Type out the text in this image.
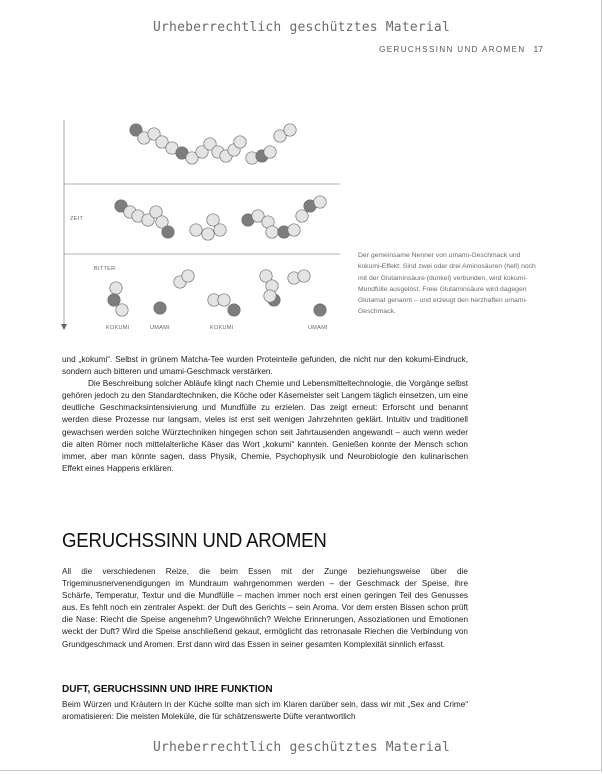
Urheberrechtlich geschütztes Material
GERUCHSSINN UND AROMEN 17
ZEIT
BITTER
KOKUMI	UMAMI	KOKUMI	UMAMI
Der gemeinsame Nenner von umami-Geschmack und kokumi-Effekt: Sind zwei oder drei Aminosäuren (hell) noch mit der Glutaminsäure (dunkel) verbunden, wird kokumi-Mundfülle ausgelöst. Freie Glutaminsäure wird dagegen Glutamat genannt – und erzeugt den herzhaften umami-Geschmack.

und „kokumi“. Selbst in grünem Matcha-Tee wurden Proteinteile gefunden, die nicht nur den kokumi-Eindruck, sondern auch bitteren und umami-Geschmack verstärken.

Die Beschreibung solcher Abläufe klingt nach Chemie und Lebensmitteltechnologie, die Vorgänge selbst gehören jedoch zu den Standardtechniken, die Köche oder Käsemeister seit Langem täglich einsetzen, um eine deutliche Geschmacksintensivierung und Mundfülle zu erzielen. Das zeigt erneut: Erforscht und benannt werden diese Prozesse nur langsam, vieles ist erst seit wenigen Jahrzehnten geklärt. Intuitiv und traditionell gewachsen werden solche Würztechniken hingegen schon seit Jahrtausenden angewandt – auch wenn weder die alten Römer noch mittelalterliche Käser das Wort „kokumi“ kannten. Genießen konnte der Mensch schon immer, aber man könnte sagen, dass Physik, Chemie, Psychophysik und Neurobiologie den kulinarischen Effekt eines Happens erklären.

GERUCHSSINN UND AROMEN

All die verschiedenen Reize, die beim Essen mit der Zunge beziehungsweise über die Trigeminusnervenendigungen im Mundraum wahrgenommen werden – der Geschmack der Speise, ihre Schärfe, Temperatur, Textur und die Mundfülle – machen immer noch erst einen geringen Teil des Genusses aus. Es fehlt noch ein zentraler Aspekt: der Duft des Gerichts – sein Aroma. Vor dem ersten Bissen schon prüft die Nase: Riecht die Speise angenehm? Ungewöhnlich? Welche Erinnerungen, Assoziationen und Emotionen weckt der Duft? Wird die Speise anschließend gekaut, ermöglicht das retronasale Riechen die Verbindung von Grundgeschmack und Aromen. Erst dann wird das Essen in seiner gesamten Komplexität sinnlich erfasst.

DUFT, GERUCHSSINN UND IHRE FUNKTION

Beim Würzen und Kräutern in der Küche sollte man sich im Klaren darüber sein, dass wir mit „Sex and Crime“ aromatisieren: Die meisten Moleküle, die für schätzenswerte Düfte verantwortlich

Urheberrechtlich geschütztes Material
